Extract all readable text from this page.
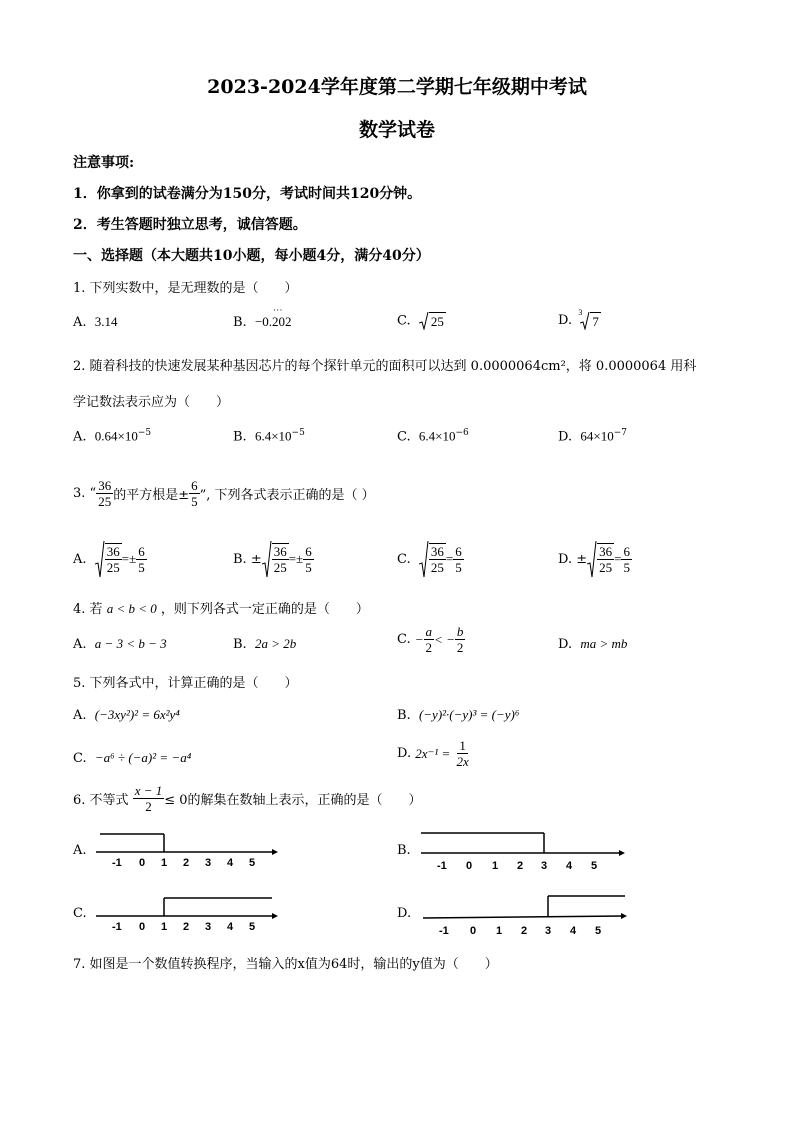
2023-2024学年度第二学期七年级期中考试
数学试卷
注意事项:
1．你拿到的试卷满分为150分，考试时间共120分钟。
2．考生答题时独立思考，诚信答题。
一、选择题（本大题共10小题，每小题4分，满分40分）
1. 下列实数中，是无理数的是（　　）
A. 3.14	B. −0.202
· · ·
C. 25	D.
3
7
2. 随着科技的快速发展某种基因芯片的每个探针单元的面积可以达到 0.0000064cm²，将 0.0000064 用科
学记数法表示应为（　　）
A. $0.64\times 10^{-5}$	B. $6.4\times 10^{-5}$	C. $6.4\times 10^{-6}$	D. $64\times 10^{-7}$
3. “ $\frac{36}{25}$ 的平方根是± $\frac{6}{5}$ ”, 下列各式表示正确的是（ ）
A.
$\frac{36}{25} =\pm \frac{6}{5}$	B. ± $\frac{36}{25} =\pm \frac{6}{5}$	C.
$\frac{36}{25} = \frac{6}{5}$	D. ± $\frac{36}{25} = \frac{6}{5}$
4. 若 a < b < 0 ，则下列各式一定正确的是（　　）
A. a − 3 < b − 3	B. 2a > 2b	C.
− $\frac{a}{2}$ < − $\frac{b}{2}$	D. ma > mb
5. 下列各式中，计算正确的是（　　）
A. (−3xy²)² = 6x²y⁴	B. (−y)²·(−y)³ = (−y)⁶
C. −a⁶ ÷ (−a)² = −a⁴	D.
2x⁻¹ =
$\frac{1}{2x}$
6. 不等式
$\frac{x - 1}{2} \le 0$的解集在数轴上表示，正确的是（　　）
A.
-1 0 1 2 3 4 5
B.
-1 0 1 2 3 4 5
C.
-1 0 1 2 3 4 5
D.
-1 0 1 2 3 4 5
7. 如图是一个数值转换程序，当输入的x值为64时，输出的y值为（　　）
